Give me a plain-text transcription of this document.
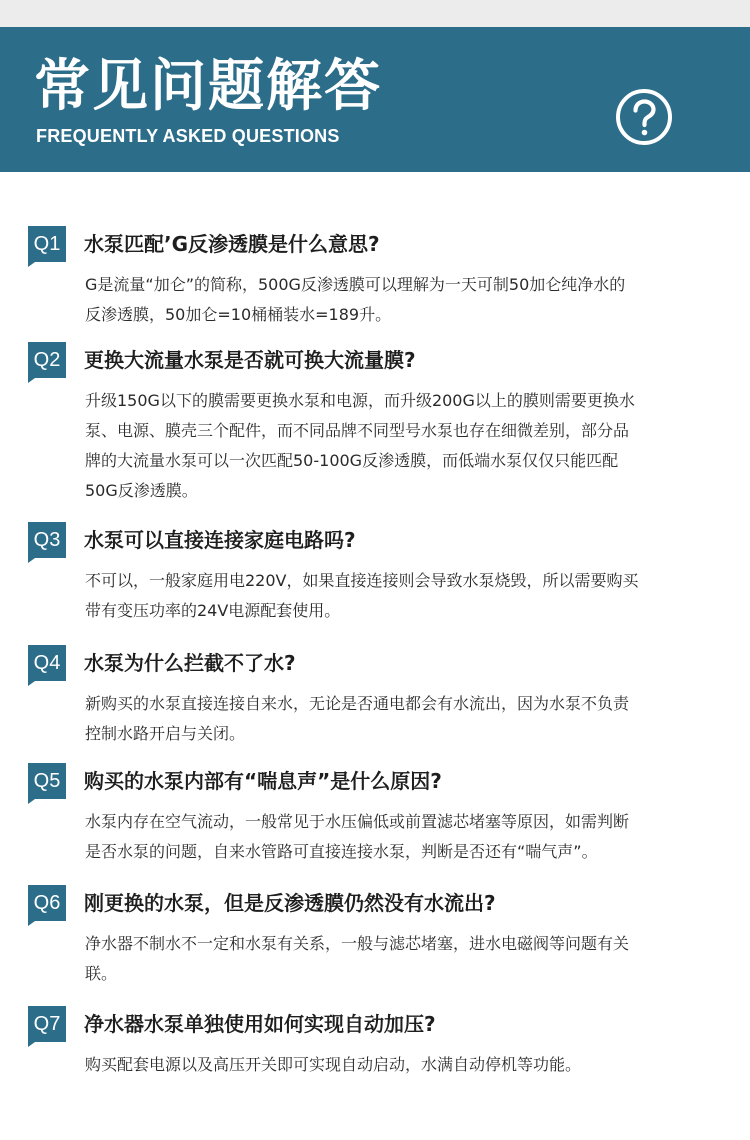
常见问题解答
FREQUENTLY ASKED QUESTIONS
Q1 水泵匹配’G反渗透膜是什么意思?
G是流量“加仑”的简称，500G反渗透膜可以理解为一天可制50加仑纯净水的
反渗透膜，50加仑=10桶桶装水=189升。
Q2 更换大流量水泵是否就可换大流量膜?
升级150G以下的膜需要更换水泵和电源，而升级200G以上的膜则需要更换水
泵、电源、膜壳三个配件，而不同品牌不同型号水泵也存在细微差别，部分品
牌的大流量水泵可以一次匹配50-100G反渗透膜，而低端水泵仅仅只能匹配
50G反渗透膜。
Q3 水泵可以直接连接家庭电路吗?
不可以，一般家庭用电220V，如果直接连接则会导致水泵烧毁，所以需要购买
带有变压功率的24V电源配套使用。
Q4 水泵为什么拦截不了水?
新购买的水泵直接连接自来水，无论是否通电都会有水流出，因为水泵不负责
控制水路开启与关闭。
Q5 购买的水泵内部有“喘息声”是什么原因?
水泵内存在空气流动，一般常见于水压偏低或前置滤芯堵塞等原因，如需判断
是否水泵的问题，自来水管路可直接连接水泵，判断是否还有“喘气声”。
Q6 刚更换的水泵，但是反渗透膜仍然没有水流出?
净水器不制水不一定和水泵有关系，一般与滤芯堵塞，进水电磁阀等问题有关
联。
Q7 净水器水泵单独使用如何实现自动加压?
购买配套电源以及高压开关即可实现自动启动，水满自动停机等功能。
